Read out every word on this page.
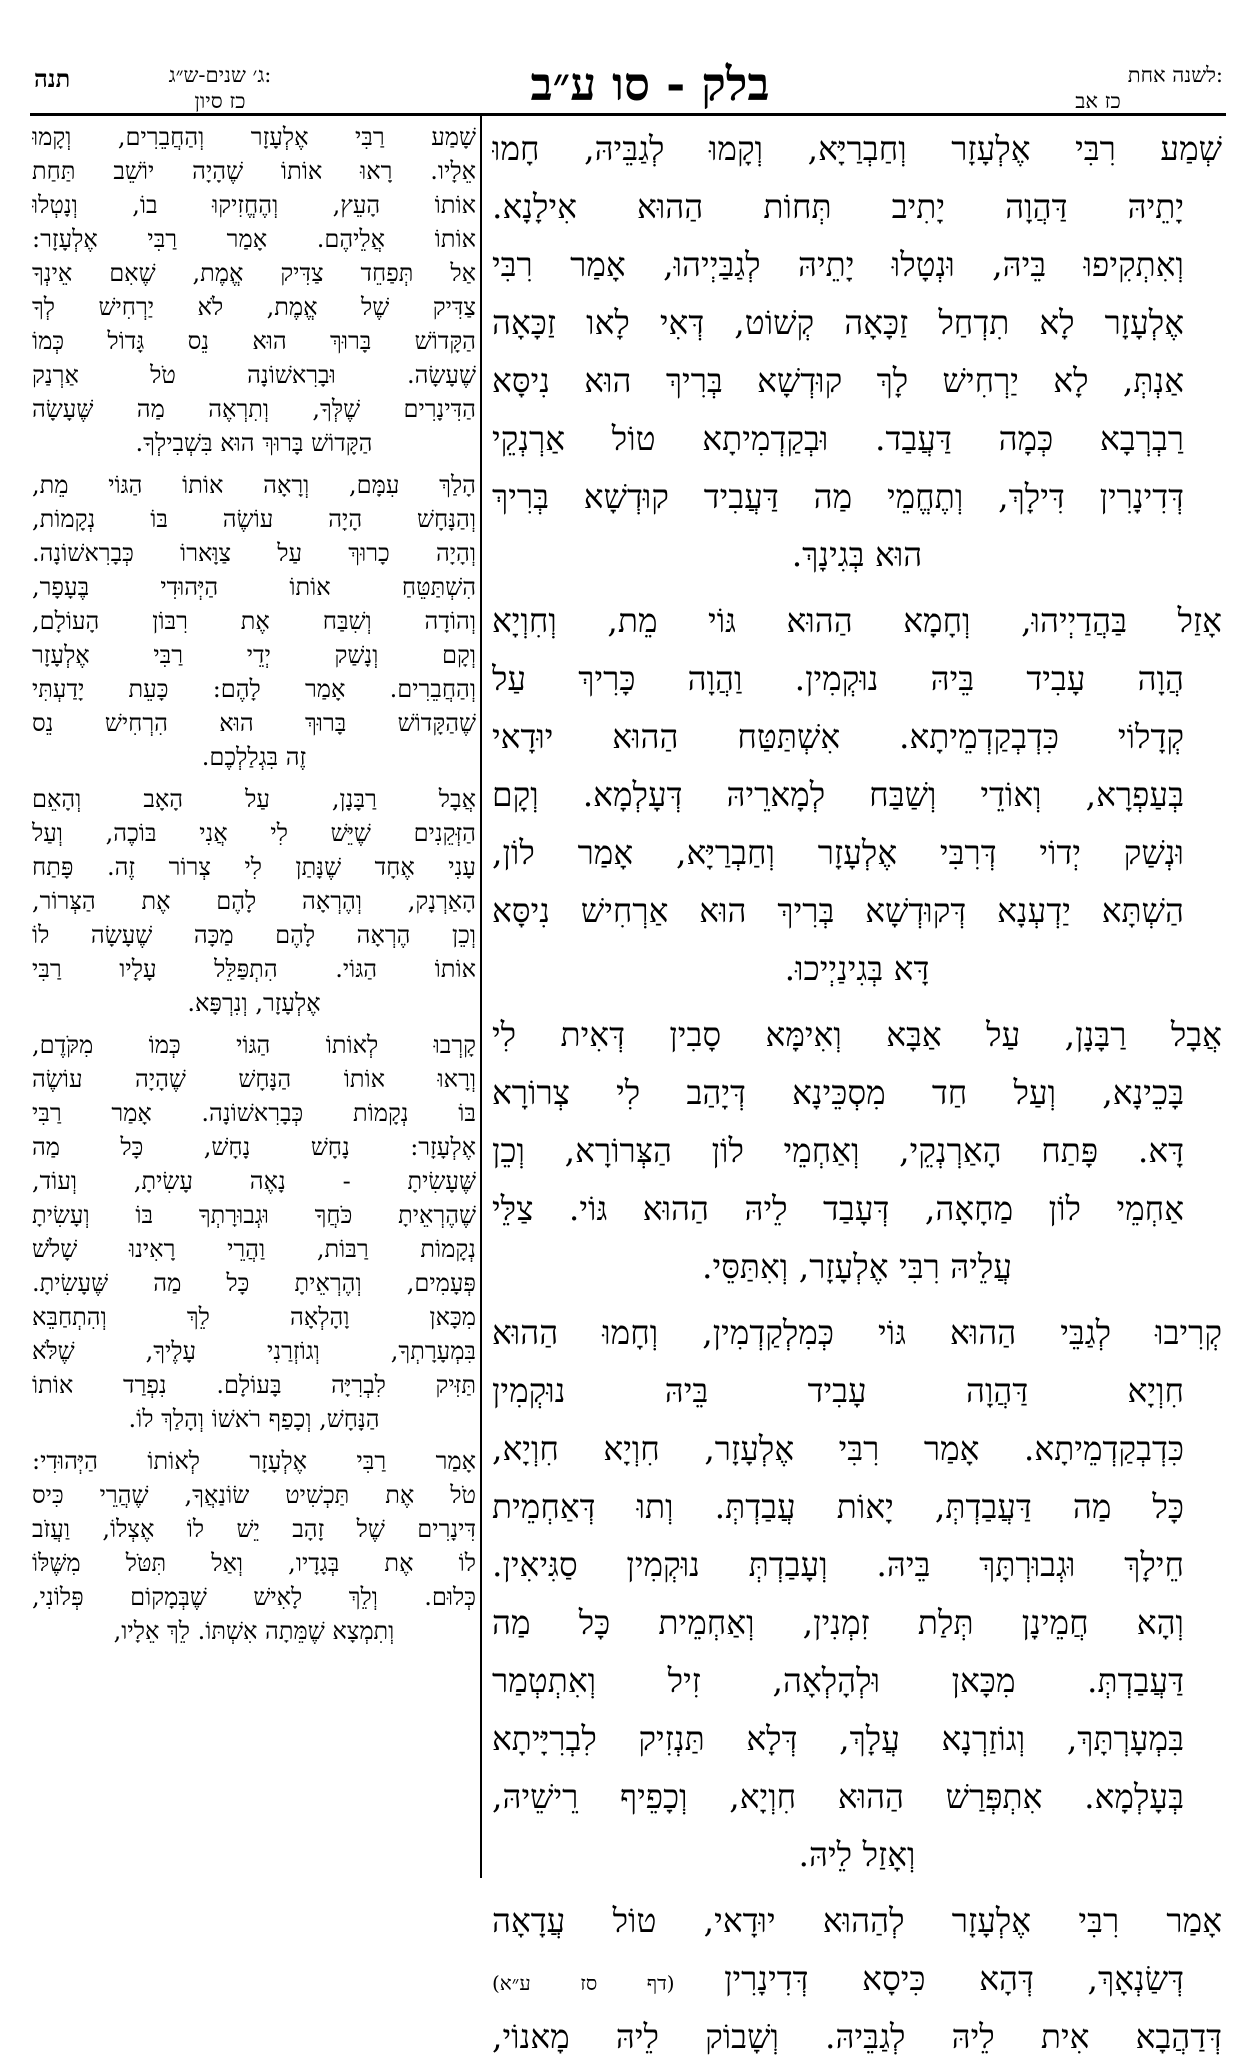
תנה	ג׳ שנים-ש״ג:
כז סיון	בלק - סו ע״ב	לשנה אחת:
כז אב
שְׁמַע רִבִּי אֶלְעָזָר וְחַבְרַיָּא, וְקָמוּ לְגַבֵּיהּ, חָמוּ
יָתֵיהּ דַּהֲוָה יָתִיב תְּחוֹת הַהוּא אִילָנָא.
וְאִתְקִיפוּ בֵּיהּ, וּנְטָלוּ יָתֵיהּ לְגַבַּיְיהוּ, אָמַר רִבִּי
אֶלְעָזָר לָא תִדְחַל זַכָּאָה קְשׁוֹט, דְּאִי לָאו זַכָּאָה
אַנְתְּ, לָא יַרְחִישׁ לָךְ קוּדְשָׁא בְּרִיךְ הוּא נִיסָּא
רַבְרְבָא כְּמָה דַּעֲבַד. וּבְקַדְמִיתָא טוֹל אַרְנְקֵי
דְּדִינָרִין דִּילָךְ, וְתֶחֱמֵי מַה דַּעֲבִיד קוּדְשָׁא בְּרִיךְ
הוּא בְּגִינָךְ.
אָזַל בַּהֲדַיְיהוּ, וְחָמָא הַהוּא גּוֹי מֵת, וְחִוְיָא
הֲוָה עָבִיד בֵּיהּ נוּקְמִין. וַהֲוָה כָּרִיךְ עַל
קְדָלוֹי כִּדְבְקַדְמֵיתָא. אִשְׁתַּטַּח הַהוּא יוּדָאי
בְּעַפְרָא, וְאוֹדֵי וְשַׁבַּח לְמָארֵיהּ דְּעָלְמָא. וְקָם
וּנְשַׁק יְדוֹי דְּרִבִּי אֶלְעָזָר וְחַבְרַיָּא, אָמַר לוֹן,
הַשְׁתָּא יַדְעְנָא דְּקוּדְשָׁא בְּרִיךְ הוּא אַרְחִישׁ נִיסָּא
דָּא בְּגִינַיְיכוּ.
אֲבָל רַבָּנָן, עַל אַבָּא וְאִימָּא סָבִין דְּאִית לִי
בָּכֵינָא, וְעַל חַד מִסְכֵּינָא דְּיָהַב לִי צְרוֹרָא
דָּא. פָּתַח הָאַרְנְקֵי, וְאַחְמֵי לוֹן הַצְּרוֹרָא, וְכֵן
אַחְמֵי לוֹן מַחָאָה, דְּעָבַד לֵיהּ הַהוּא גּוֹי. צַלֵּי
עֲלֵיהּ רִבִּי אֶלְעָזָר, וְאִתַּסֵּי.
קְרִיבוּ לְגַבֵּי הַהוּא גּוֹי כְּמִלְקַדְמִין, וְחָמוּ הַהוּא
חִוְיָא דַּהֲוָה עָבִיד בֵּיהּ נוּקְמִין
כִּדְבְקַדְמֵיתָא. אָמַר רִבִּי אֶלְעָזָר, חִוְיָא חִוְיָא,
כָּל מַה דַּעֲבַדְתְּ, יָאוֹת עֲבַדְתְּ. וְתוּ דְּאַחְמֵית
חֵילָךְ וּגְבוּרְתָּךְ בֵּיהּ. וְעָבַדְתְּ נוּקְמִין סַגִּיאִין.
וְהָא חֲמֵינָן תְּלַת זִמְנִין, וְאַחְמֵית כָּל מַה
דַּעֲבַדְתְּ. מִכָּאן וּלְהָלְאָה, זִיל וְאִתְטְמַר
בִּמְעָרְתָּךְ, וְגוֹזַרְנָא עֲלָךְ, דְּלָא תַּנְזִיק לִבְרִיָּיתָא
בְּעָלְמָא. אִתְפְּרַשׁ הַהוּא חִוְיָא, וְכָפֵיף רֵישֵׁיהּ,
וְאָזַל לֵיהּ.
אָמַר רִבִּי אֶלְעָזָר לְהַהוּא יוּדָאי, טוֹל עֲדָאָה
דְּשַׂנְאָךְ, דְּהָא כִּיסָא דְּדִינָרִין (דף סז ע״א)
דְּדַהֲבָא אִית לֵיהּ לְגַבֵּיהּ. וְשָׁבוֹק לֵיהּ מָאנוֹי,
שָׁמַע רַבִּי אֶלְעָזָר וְהַחֲבֵרִים, וְקָמוּ
אֵלָיו. רָאוּ אוֹתוֹ שֶׁהָיָה יוֹשֵׁב תַּחַת
אוֹתוֹ הָעֵץ, וְהֶחֱזִיקוּ בוֹ, וְנָטְלוּ
אוֹתוֹ אֲלֵיהֶם. אָמַר רַבִּי אֶלְעָזָר:
אַל תְּפַחֵד צַדִּיק אֱמֶת, שֶׁאִם אֵינְךָ
צַדִּיק שֶׁל אֱמֶת, לֹא יַרְחִישׁ לְךָ
הַקָּדוֹשׁ בָּרוּךְ הוּא נֵס גָּדוֹל כְּמוֹ
שֶׁעָשָׂה. וּבָרִאשׁוֹנָה טֹל אַרְנַק
הַדִּינָרִים שֶׁלְּךָ, וְתִרְאֶה מַה שֶּׁעָשָׂה
הַקָּדוֹשׁ בָּרוּךְ הוּא בִּשְׁבִילְךָ.
הָלַךְ עִמָּם, וְרָאָה אוֹתוֹ הַגּוֹי מֵת,
וְהַנָּחָשׁ הָיָה עוֹשֶׂה בּוֹ נְקָמוֹת,
וְהָיָה כָרוּךְ עַל צַוָּארוֹ כְּבָרִאשׁוֹנָה.
הִשְׁתַּטֵּחַ אוֹתוֹ הַיְּהוּדִי בֶּעָפָר,
וְהוֹדָה וְשִׁבַּח אֶת רִבּוֹן הָעוֹלָם,
וְקָם וְנָשַׁק יְדֵי רַבִּי אֶלְעָזָר
וְהַחֲבֵרִים. אָמַר לָהֶם: כָּעֵת יָדַעְתִּי
שֶׁהַקָּדוֹשׁ בָּרוּךְ הוּא הִרְחִישׁ נֵס
זֶה בִּגְלַלְכֶם.
אֲבָל רַבָּנָן, עַל הָאָב וְהָאֵם
הַזְּקֵנִים שֶׁיֵּשׁ לִי אֲנִי בּוֹכֶה, וְעַל
עָנִי אֶחָד שֶׁנָּתַן לִי צְרוֹר זֶה. פָּתַח
הָאַרְנָק, וְהֶרְאָה לָהֶם אֶת הַצְּרוֹר,
וְכֵן הֶרְאָה לָהֶם מַכָּה שֶׁעָשָׂה לוֹ
אוֹתוֹ הַגּוֹי. הִתְפַּלֵּל עָלָיו רַבִּי
אֶלְעָזָר, וְנִרְפָּא.
קָרְבוּ לְאוֹתוֹ הַגּוֹי כְּמוֹ מִקֹּדֶם,
וְרָאוּ אוֹתוֹ הַנָּחָשׁ שֶׁהָיָה עוֹשֶׂה
בּוֹ נְקָמוֹת כְּבָרִאשׁוֹנָה. אָמַר רַבִּי
אֶלְעָזָר: נָחָשׁ נָחָשׁ, כָּל מַה
שֶּׁעָשִׂיתָ - נָאֶה עָשִׂיתָ, וְעוֹד,
שֶׁהֶרְאֵיתָ כֹּחֲךָ וּגְבוּרָתְךָ בּוֹ וְעָשִׂיתָ
נְקָמוֹת רַבּוֹת, וַהֲרֵי רָאִינוּ שָׁלֹשׁ
פְּעָמִים, וְהֶרְאֵיתָ כָּל מַה שֶּׁעָשִׂיתָ.
מִכָּאן וָהָלְאָה לֵךְ וְהִתְחַבֵּא
בִּמְעָרָתְךָ, וְגוֹזְרַנִי עָלֶיךָ, שֶׁלֹּא
תַּזִּיק לִבְרִיָּה בָּעוֹלָם. נִפְרַד אוֹתוֹ
הַנָּחָשׁ, וְכָפַף רֹאשׁוֹ וְהָלַךְ לוֹ.
אָמַר רַבִּי אֶלְעָזָר לְאוֹתוֹ הַיְּהוּדִי:
טֹל אֶת תַּכְשִׁיט שׂוֹנַאֲךָ, שֶׁהֲרֵי כִּיס
דִּינָרִים שֶׁל זָהָב יֵשׁ לוֹ אֶצְלוֹ, וַעֲזֹב
לוֹ אֶת בְּגָדָיו, וְאַל תִּטֹּל מִשֶּׁלּוֹ
כְּלוּם. וְלֵךְ לָאִישׁ שֶׁבְּמָקוֹם פְּלוֹנִי,
וְתִמְצָא שֶׁמֵּתָה אִשְׁתּוֹ. לֵךְ אֵלָיו,
